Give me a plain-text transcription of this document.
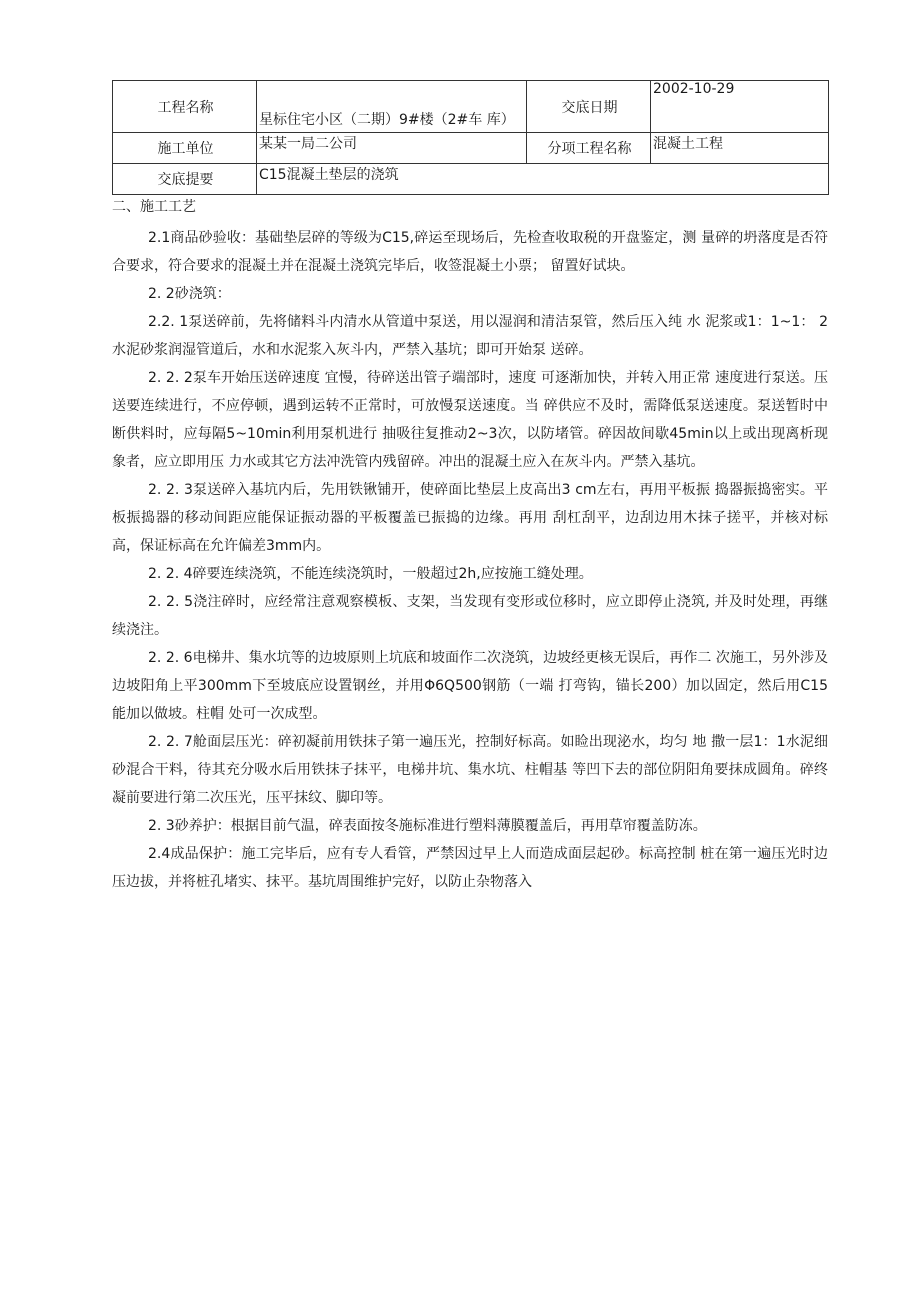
工程名称	星标住宅小区（二期）9#楼（2#车 库）	交底日期	2002-10-29
施工单位	某某一局二公司	分项工程名称	混凝土工程
交底提要	C15混凝土垫层的浇筑		
二、施工工艺

2.1商品砂验收：基础垫层碎的等级为C15,碎运至现场后，先检查收取税的开盘鉴定，测 量碎的坍落度是否符合要求，符合要求的混凝土并在混凝土浇筑完毕后，收签混凝土小票； 留置好试块。

2. 2砂浇筑：

2.2. 1泵送碎前，先将储料斗内清水从管道中泵送，用以湿润和清洁泵管，然后压入纯 水 泥浆或1：1~1： 2水泥砂浆润湿管道后，水和水泥浆入灰斗内，严禁入基坑；即可开始泵 送碎。

2. 2. 2泵车开始压送碎速度 宜慢，待碎送出管子端部时，速度 可逐渐加快，并转入用正常 速度进行泵送。压送要连续进行，不应停顿，遇到运转不正常时，可放慢泵送速度。当 碎供应不及时，需降低泵送速度。泵送暂时中断供料时，应每隔5~10min利用泵机进行 抽吸往复推动2~3次，以防堵管。碎因故间歇45min以上或出现离析现象者，应立即用压 力水或其它方法冲洗管内残留碎。冲出的混凝土应入在灰斗内。严禁入基坑。

2. 2. 3泵送碎入基坑内后，先用铁锹铺开，使碎面比垫层上皮高出3 cm左右，再用平板振 捣器振捣密实。平板振捣器的移动间距应能保证振动器的平板覆盖已振捣的边缘。再用 刮杠刮平，边刮边用木抹子搓平，并核对标高，保证标高在允许偏差3mm内。

2. 2. 4碎要连续浇筑，不能连续浇筑时，一般超过2h,应按施工缝处理。

2. 2. 5浇注碎时，应经常注意观察模板、支架，当发现有变形或位移时，应立即停止浇筑, 并及时处理，再继续浇注。

2. 2. 6电梯井、集水坑等的边坡原则上坑底和坡面作二次浇筑，边坡经更核无误后，再作二 次施工，另外涉及边坡阳角上平300mm下至坡底应设置钢丝，并用Φ6Q500钢筋（一端 打弯钩，锚长200）加以固定，然后用C15能加以做坡。柱帽 处可一次成型。

2. 2. 7舱面层压光：碎初凝前用铁抹子第一遍压光，控制好标高。如睑出现泌水，均匀 地 撒一层1：1水泥细砂混合干料，待其充分吸水后用铁抹子抹平，电梯井坑、集水坑、柱帽基 等凹下去的部位阴阳角要抹成圆角。碎终凝前要进行第二次压光，压平抹纹、脚印等。

2. 3砂养护：根据目前气温，碎表面按冬施标准进行塑料薄膜覆盖后，再用草帘覆盖防冻。

2.4成品保护：施工完毕后，应有专人看管，严禁因过早上人而造成面层起砂。标高控制 桩在第一遍压光时边压边拔，并将桩孔堵实、抹平。基坑周围维护完好，以防止杂物落入
